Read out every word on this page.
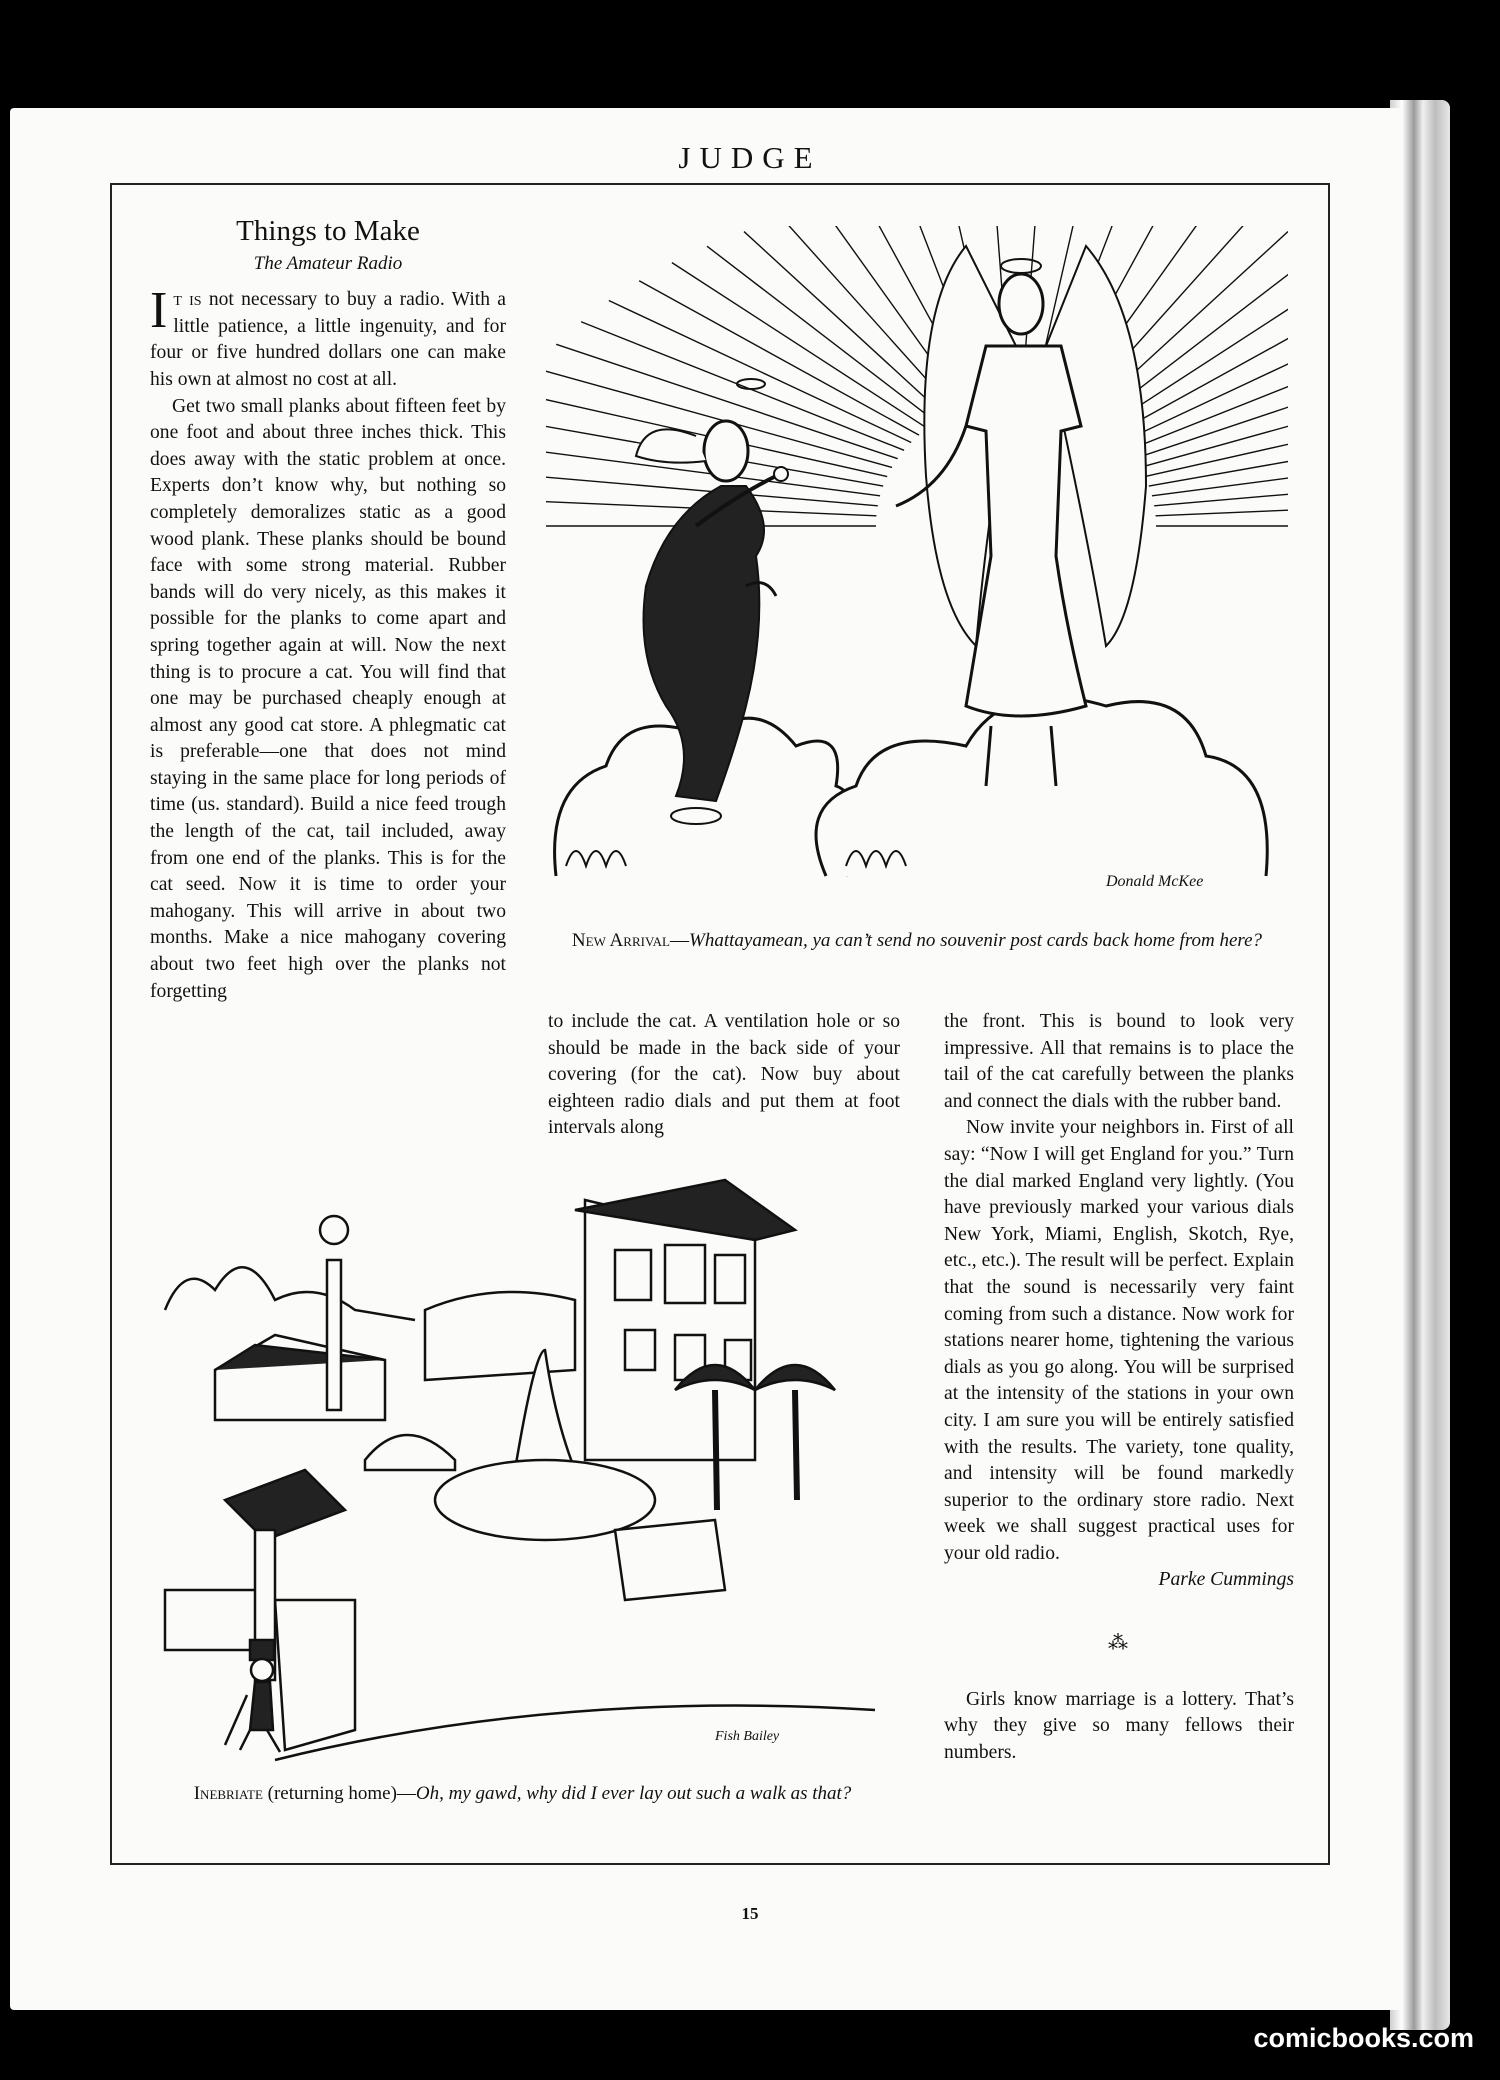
JUDGE
Things to Make
The Amateur Radio

It is not necessary to buy a radio. With a little patience, a little ingenuity, and for four or five hundred dollars one can make his own at almost no cost at all.

Get two small planks about fifteen feet by one foot and about three inches thick. This does away with the static problem at once. Experts don’t know why, but nothing so completely demoralizes static as a good wood plank. These planks should be bound face with some strong material. Rubber bands will do very nicely, as this makes it possible for the planks to come apart and spring together again at will. Now the next thing is to procure a cat. You will find that one may be purchased cheaply enough at almost any good cat store. A phlegmatic cat is preferable—one that does not mind staying in the same place for long periods of time (us. standard). Build a nice feed trough the length of the cat, tail included, away from one end of the planks. This is for the cat seed. Now it is time to order your mahogany. This will arrive in about two months. Make a nice mahogany covering about two feet high over the planks not forgetting

Donald McKee
New Arrival—Whattayamean, ya can’t send no souvenir post cards back home from here?

to include the cat. A ventilation hole or so should be made in the back side of your covering (for the cat). Now buy about eighteen radio dials and put them at foot intervals along

the front. This is bound to look very impressive. All that remains is to place the tail of the cat carefully between the planks and connect the dials with the rubber band.

Now invite your neighbors in. First of all say: “Now I will get England for you.” Turn the dial marked England very lightly. (You have previously marked your various dials New York, Miami, English, Skotch, Rye, etc., etc.). The result will be perfect. Explain that the sound is necessarily very faint coming from such a distance. Now work for stations nearer home, tightening the various dials as you go along. You will be surprised at the intensity of the stations in your own city. I am sure you will be entirely satisfied with the results. The variety, tone quality, and intensity will be found markedly superior to the ordinary store radio. Next week we shall suggest practical uses for your old radio.

Parke Cummings
⁂

Girls know marriage is a lottery. That’s why they give so many fellows their numbers.

Fish Bailey
Inebriate (returning home)—Oh, my gawd, why did I ever lay out such a walk as that?
15
comicbooks.com
